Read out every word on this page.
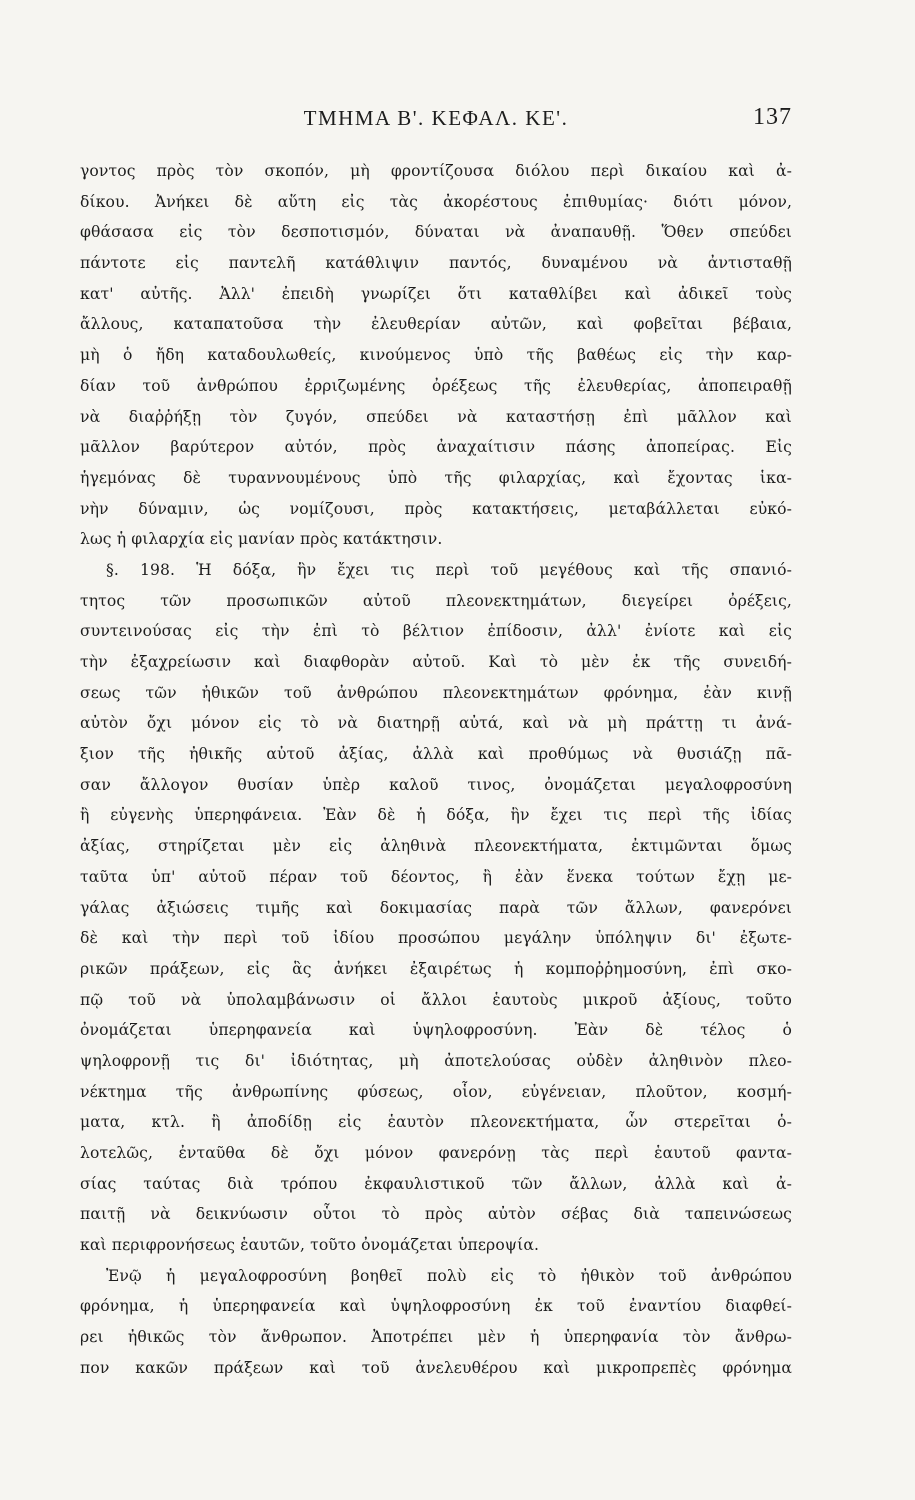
ΤΜΗΜΑ Β'. ΚΕΦΑΛ. ΚΕ'.	137
γοντος πρὸς τὸν σκοπόν, μὴ φροντίζουσα διόλου περὶ δικαίου καὶ ἀ-
δίκου. Ἀνήκει δὲ αὕτη εἰς τὰς ἀκορέστους ἐπιθυμίας· διότι μόνον,
φθάσασα εἰς τὸν δεσποτισμόν, δύναται νὰ ἀναπαυθῇ. Ὅθεν σπεύδει
πάντοτε εἰς παντελῆ κατάθλιψιν παντός, δυναμένου νὰ ἀντισταθῇ
κατ' αὐτῆς. Ἀλλ' ἐπειδὴ γνωρίζει ὅτι καταθλίβει καὶ ἀδικεῖ τοὺς
ἄλλους, καταπατοῦσα τὴν ἐλευθερίαν αὐτῶν, καὶ φοβεῖται βέβαια,
μὴ ὁ ἤδη καταδουλωθείς, κινούμενος ὑπὸ τῆς βαθέως εἰς τὴν καρ-
δίαν τοῦ ἀνθρώπου ἐρριζωμένης ὀρέξεως τῆς ἐλευθερίας, ἀποπειραθῇ
νὰ διαῤῥήξῃ τὸν ζυγόν, σπεύδει νὰ καταστήσῃ ἐπὶ μᾶλλον καὶ
μᾶλλον βαρύτερον αὐτόν, πρὸς ἀναχαίτισιν πάσης ἀποπείρας. Εἰς
ἡγεμόνας δὲ τυραννουμένους ὑπὸ τῆς φιλαρχίας, καὶ ἔχοντας ἱκα-
νὴν δύναμιν, ὡς νομίζουσι, πρὸς κατακτήσεις, μεταβάλλεται εὐκό-
λως ἡ φιλαρχία εἰς μανίαν πρὸς κατάκτησιν.
§. 198. Ἡ δόξα, ἣν ἔχει τις περὶ τοῦ μεγέθους καὶ τῆς σπανιό-
τητος τῶν προσωπικῶν αὐτοῦ πλεονεκτημάτων, διεγείρει ὀρέξεις,
συντεινούσας εἰς τὴν ἐπὶ τὸ βέλτιον ἐπίδοσιν, ἀλλ' ἐνίοτε καὶ εἰς
τὴν ἐξαχρείωσιν καὶ διαφθορὰν αὐτοῦ. Καὶ τὸ μὲν ἐκ τῆς συνειδή-
σεως τῶν ἠθικῶν τοῦ ἀνθρώπου πλεονεκτημάτων φρόνημα, ἐὰν κινῇ
αὐτὸν ὄχι μόνον εἰς τὸ νὰ διατηρῇ αὐτά, καὶ νὰ μὴ πράττῃ τι ἀνά-
ξιον τῆς ἠθικῆς αὐτοῦ ἀξίας, ἀλλὰ καὶ προθύμως νὰ θυσιάζῃ πᾶ-
σαν ἄλλογον θυσίαν ὑπὲρ καλοῦ τινος, ὀνομάζεται μεγαλοφροσύνη
ἢ εὐγενὴς ὑπερηφάνεια. Ἐὰν δὲ ἡ δόξα, ἣν ἔχει τις περὶ τῆς ἰδίας
ἀξίας, στηρίζεται μὲν εἰς ἀληθινὰ πλεονεκτήματα, ἐκτιμῶνται ὅμως
ταῦτα ὑπ' αὐτοῦ πέραν τοῦ δέοντος, ἢ ἐὰν ἕνεκα τούτων ἔχῃ με-
γάλας ἀξιώσεις τιμῆς καὶ δοκιμασίας παρὰ τῶν ἄλλων, φανερόνει
δὲ καὶ τὴν περὶ τοῦ ἰδίου προσώπου μεγάλην ὑπόληψιν δι' ἐξωτε-
ρικῶν πράξεων, εἰς ἃς ἀνήκει ἐξαιρέτως ἡ κομποῤῥημοσύνη, ἐπὶ σκο-
πῷ τοῦ νὰ ὑπολαμβάνωσιν οἱ ἄλλοι ἑαυτοὺς μικροῦ ἀξίους, τοῦτο
ὀνομάζεται ὑπερηφανεία καὶ ὑψηλοφροσύνη. Ἐὰν δὲ τέλος ὁ
ψηλοφρονῇ τις δι' ἰδιότητας, μὴ ἀποτελούσας οὐδὲν ἀληθινὸν πλεο-
νέκτημα τῆς ἀνθρωπίνης φύσεως, οἷον, εὐγένειαν, πλοῦτον, κοσμή-
ματα, κτλ. ἢ ἀποδίδῃ εἰς ἑαυτὸν πλεονεκτήματα, ὧν στερεῖται ὁ-
λοτελῶς, ἐνταῦθα δὲ ὄχι μόνον φανερόνῃ τὰς περὶ ἑαυτοῦ φαντα-
σίας ταύτας διὰ τρόπου ἐκφαυλιστικοῦ τῶν ἄλλων, ἀλλὰ καὶ ἀ-
παιτῇ νὰ δεικνύωσιν οὗτοι τὸ πρὸς αὐτὸν σέβας διὰ ταπεινώσεως
καὶ περιφρονήσεως ἑαυτῶν, τοῦτο ὀνομάζεται ὑπεροψία.
Ἐνῷ ἡ μεγαλοφροσύνη βοηθεῖ πολὺ εἰς τὸ ἠθικὸν τοῦ ἀνθρώπου
φρόνημα, ἡ ὑπερηφανεία καὶ ὑψηλοφροσύνη ἐκ τοῦ ἐναντίου διαφθεί-
ρει ἠθικῶς τὸν ἄνθρωπον. Ἀποτρέπει μὲν ἡ ὑπερηφανία τὸν ἄνθρω-
πον κακῶν πράξεων καὶ τοῦ ἀνελευθέρου καὶ μικροπρεπὲς φρόνημα
